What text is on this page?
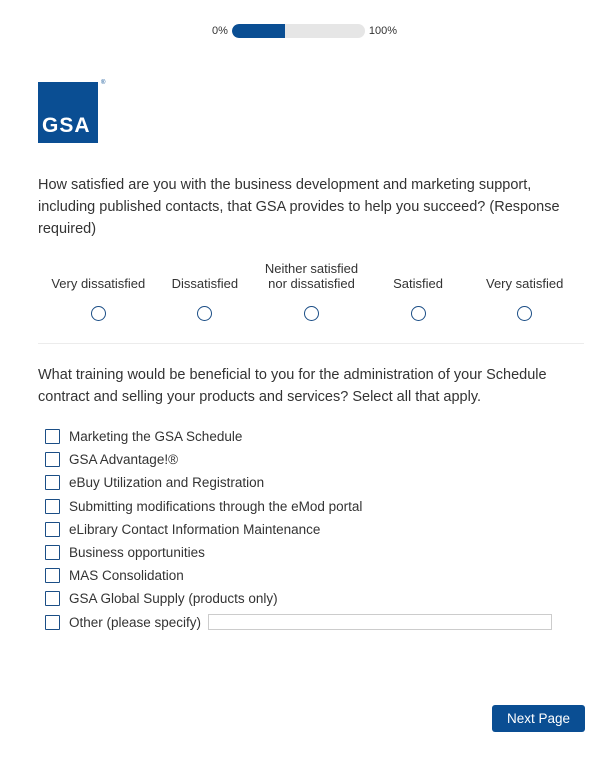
0%	100%
GSA
®
How satisfied are you with the business development and marketing support, including published contacts, that GSA provides to help you succeed? (Response required)
Very dissatisfied Dissatisfied
Neither satisfied nor dissatisfied	Satisfied	Very satisfied
What training would be beneficial to you for the administration of your Schedule contract and selling your products and services? Select all that apply.
Marketing the GSA Schedule
GSA Advantage!®
eBuy Utilization and Registration
Submitting modifications through the eMod portal
eLibrary Contact Information Maintenance
Business opportunities
MAS Consolidation
GSA Global Supply (products only)
Other (please specify)
Next Page
